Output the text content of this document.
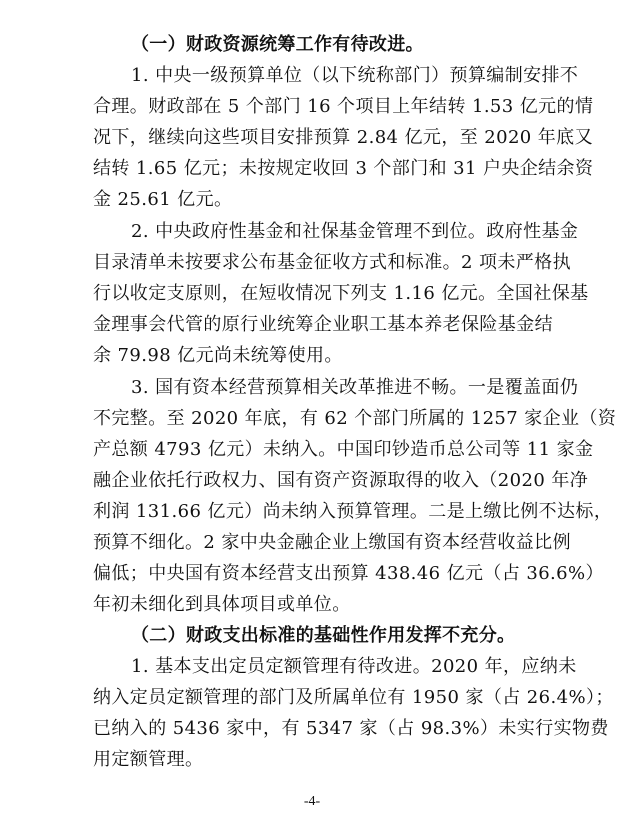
（一）财政资源统筹工作有待改进。
1. 中央一级预算单位（以下统称部门）预算编制安排不
合理。财政部在 5 个部门 16 个项目上年结转 1.53 亿元的情
况下，继续向这些项目安排预算 2.84 亿元，至 2020 年底又
结转 1.65 亿元；未按规定收回 3 个部门和 31 户央企结余资
金 25.61 亿元。
2. 中央政府性基金和社保基金管理不到位。政府性基金
目录清单未按要求公布基金征收方式和标准。2 项未严格执
行以收定支原则，在短收情况下列支 1.16 亿元。全国社保基
金理事会代管的原行业统筹企业职工基本养老保险基金结
余 79.98 亿元尚未统筹使用。
3. 国有资本经营预算相关改革推进不畅。一是覆盖面仍
不完整。至 2020 年底，有 62 个部门所属的 1257 家企业（资
产总额 4793 亿元）未纳入。中国印钞造币总公司等 11 家金
融企业依托行政权力、国有资产资源取得的收入（2020 年净
利润 131.66 亿元）尚未纳入预算管理。二是上缴比例不达标，
预算不细化。2 家中央金融企业上缴国有资本经营收益比例
偏低；中央国有资本经营支出预算 438.46 亿元（占 36.6%）
年初未细化到具体项目或单位。
（二）财政支出标准的基础性作用发挥不充分。
1. 基本支出定员定额管理有待改进。2020 年，应纳未
纳入定员定额管理的部门及所属单位有 1950 家（占 26.4%）；
已纳入的 5436 家中，有 5347 家（占 98.3%）未实行实物费
用定额管理。
-4-
